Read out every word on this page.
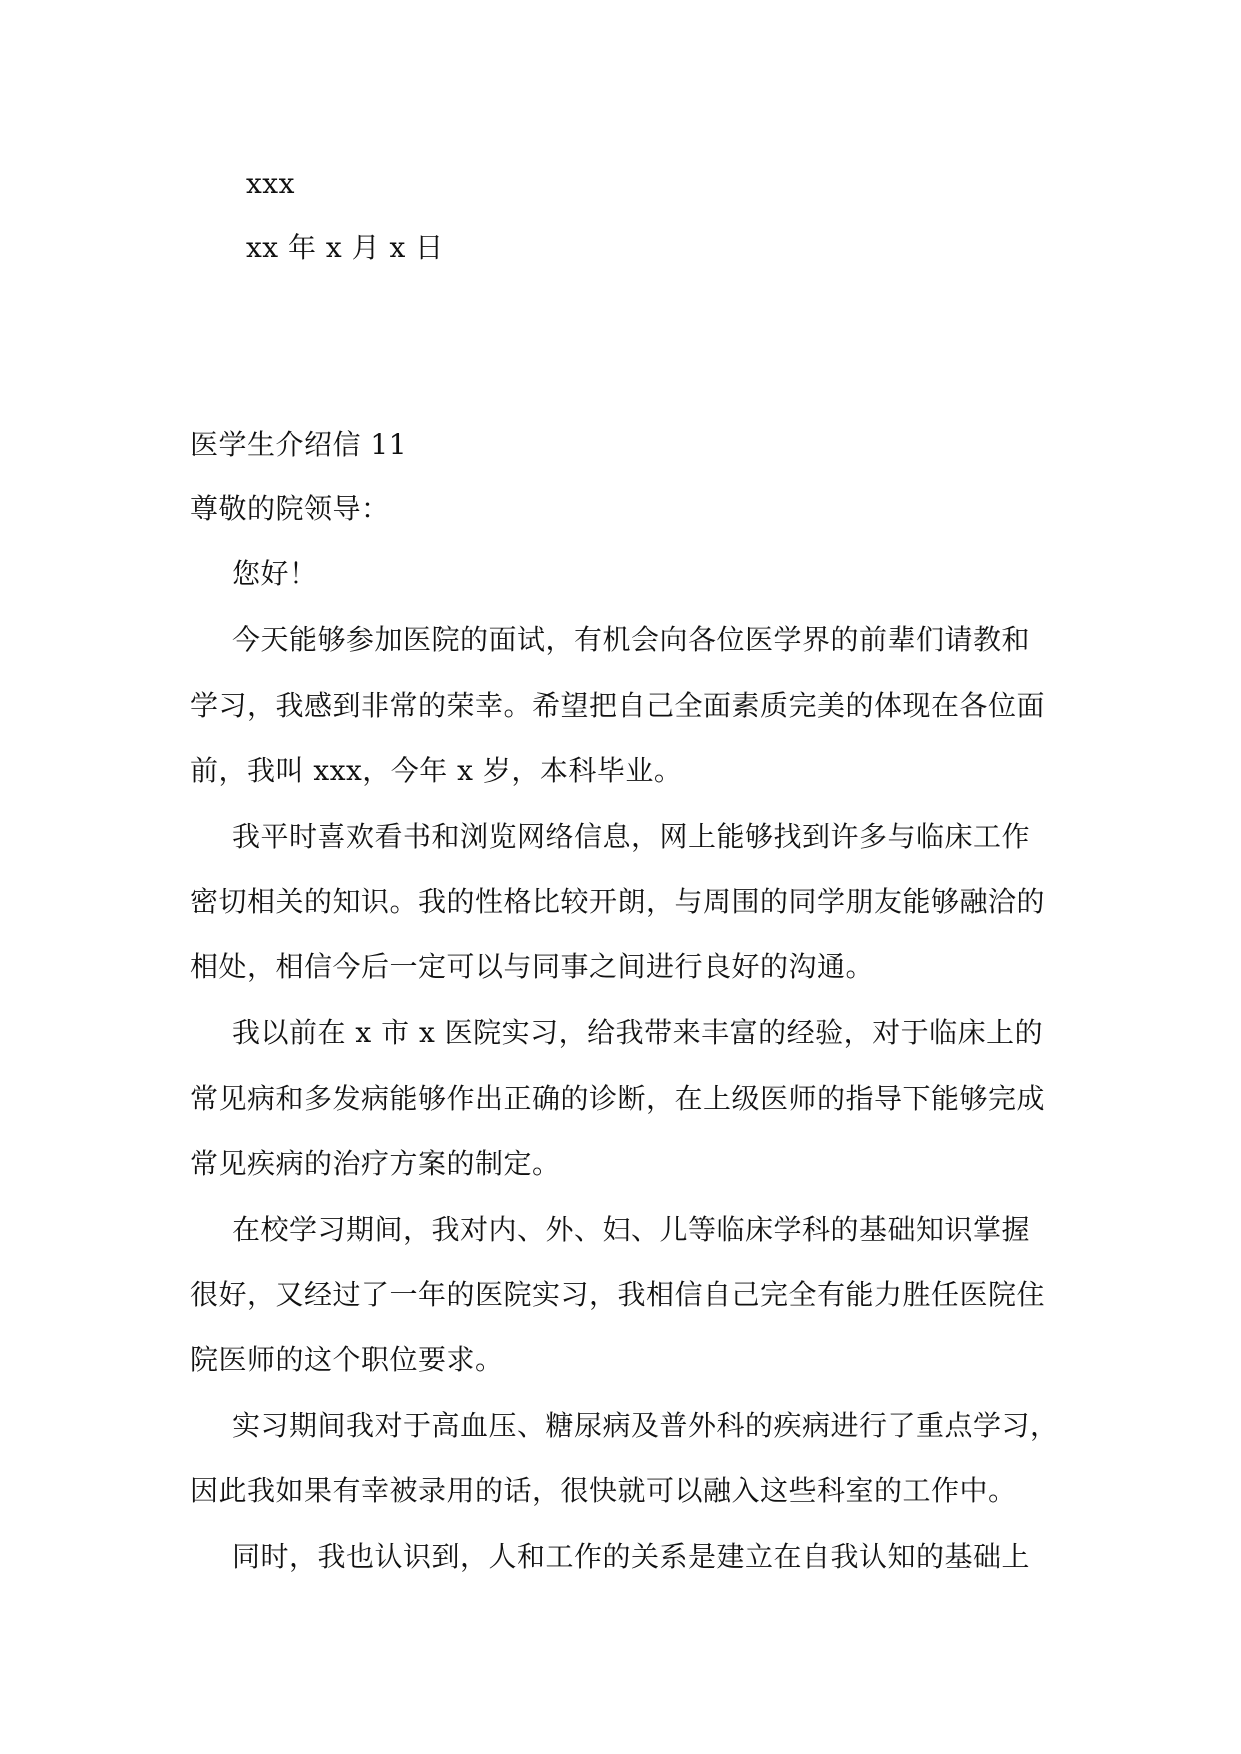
xxx
xx 年 x 月 x 日
医学生介绍信 11
尊敬的院领导：
您好！
今天能够参加医院的面试，有机会向各位医学界的前辈们请教和
学习，我感到非常的荣幸。希望把自己全面素质完美的体现在各位面
前，我叫 xxx，今年 x 岁，本科毕业。
我平时喜欢看书和浏览网络信息，网上能够找到许多与临床工作
密切相关的知识。我的性格比较开朗，与周围的同学朋友能够融洽的
相处，相信今后一定可以与同事之间进行良好的沟通。
我以前在 x 市 x 医院实习，给我带来丰富的经验，对于临床上的
常见病和多发病能够作出正确的诊断，在上级医师的指导下能够完成
常见疾病的治疗方案的制定。
在校学习期间，我对内、外、妇、儿等临床学科的基础知识掌握
很好，又经过了一年的医院实习，我相信自己完全有能力胜任医院住
院医师的这个职位要求。
实习期间我对于高血压、糖尿病及普外科的疾病进行了重点学习，
因此我如果有幸被录用的话，很快就可以融入这些科室的工作中。
同时，我也认识到，人和工作的关系是建立在自我认知的基础上
